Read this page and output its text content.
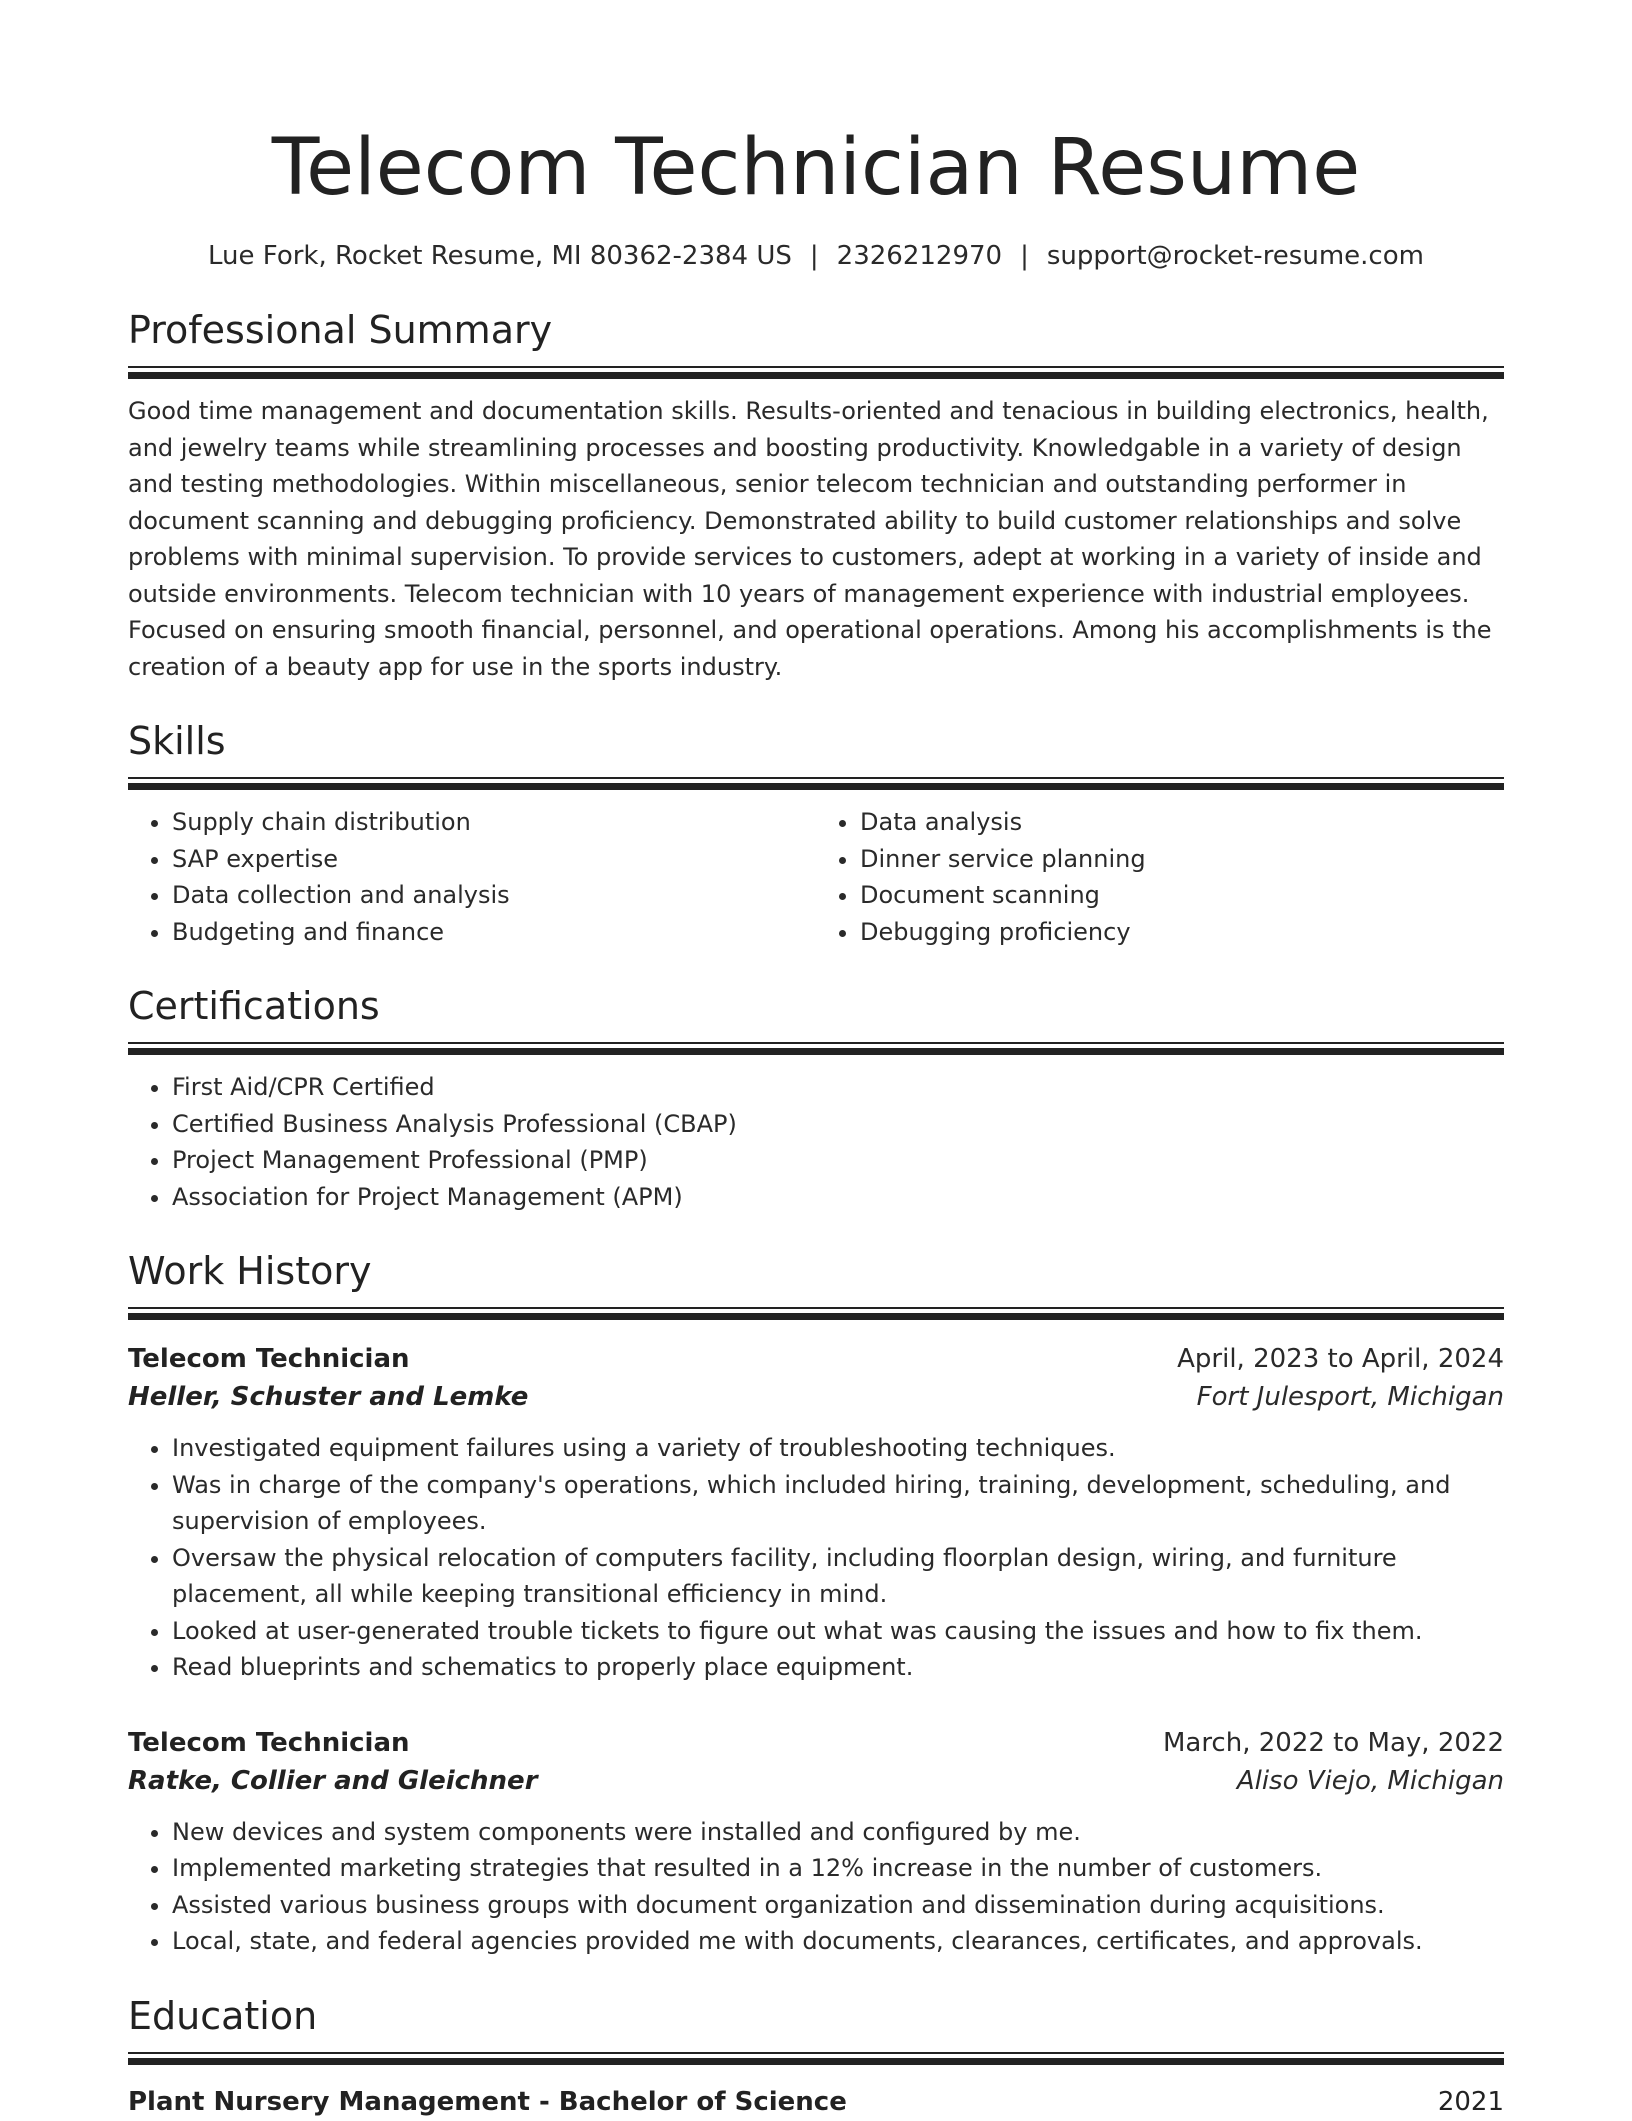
Telecom Technician Resume
Lue Fork, Rocket Resume, MI 80362-2384 US | 2326212970 | support@rocket-resume.com
Professional Summary

Good time management and documentation skills. Results-oriented and tenacious in building electronics, health, and jewelry teams while streamlining processes and boosting productivity. Knowledgable in a variety of design and testing methodologies. Within miscellaneous, senior telecom technician and outstanding performer in document scanning and debugging proficiency. Demonstrated ability to build customer relationships and solve problems with minimal supervision. To provide services to customers, adept at working in a variety of inside and outside environments. Telecom technician with 10 years of management experience with industrial employees. Focused on ensuring smooth financial, personnel, and operational operations. Among his accomplishments is the creation of a beauty app for use in the sports industry.

Skills
• Supply chain distribution
• SAP expertise
• Data collection and analysis
• Budgeting and finance
• Data analysis
• Dinner service planning
• Document scanning
• Debugging proficiency
Certifications
• First Aid/CPR Certified
• Certified Business Analysis Professional (CBAP)
• Project Management Professional (PMP)
• Association for Project Management (APM)
Work History
Telecom Technician	April, 2023 to April, 2024
Heller, Schuster and Lemke	Fort Julesport, Michigan
• Investigated equipment failures using a variety of troubleshooting techniques.
• Was in charge of the company's operations, which included hiring, training, development, scheduling, and supervision of employees.
• Oversaw the physical relocation of computers facility, including floorplan design, wiring, and furniture placement, all while keeping transitional efficiency in mind.
• Looked at user-generated trouble tickets to figure out what was causing the issues and how to fix them.
• Read blueprints and schematics to properly place equipment.
Telecom Technician	March, 2022 to May, 2022
Ratke, Collier and Gleichner	Aliso Viejo, Michigan
• New devices and system components were installed and configured by me.
• Implemented marketing strategies that resulted in a 12% increase in the number of customers.
• Assisted various business groups with document organization and dissemination during acquisitions.
• Local, state, and federal agencies provided me with documents, clearances, certificates, and approvals.
Education
Plant Nursery Management - Bachelor of Science	2021
